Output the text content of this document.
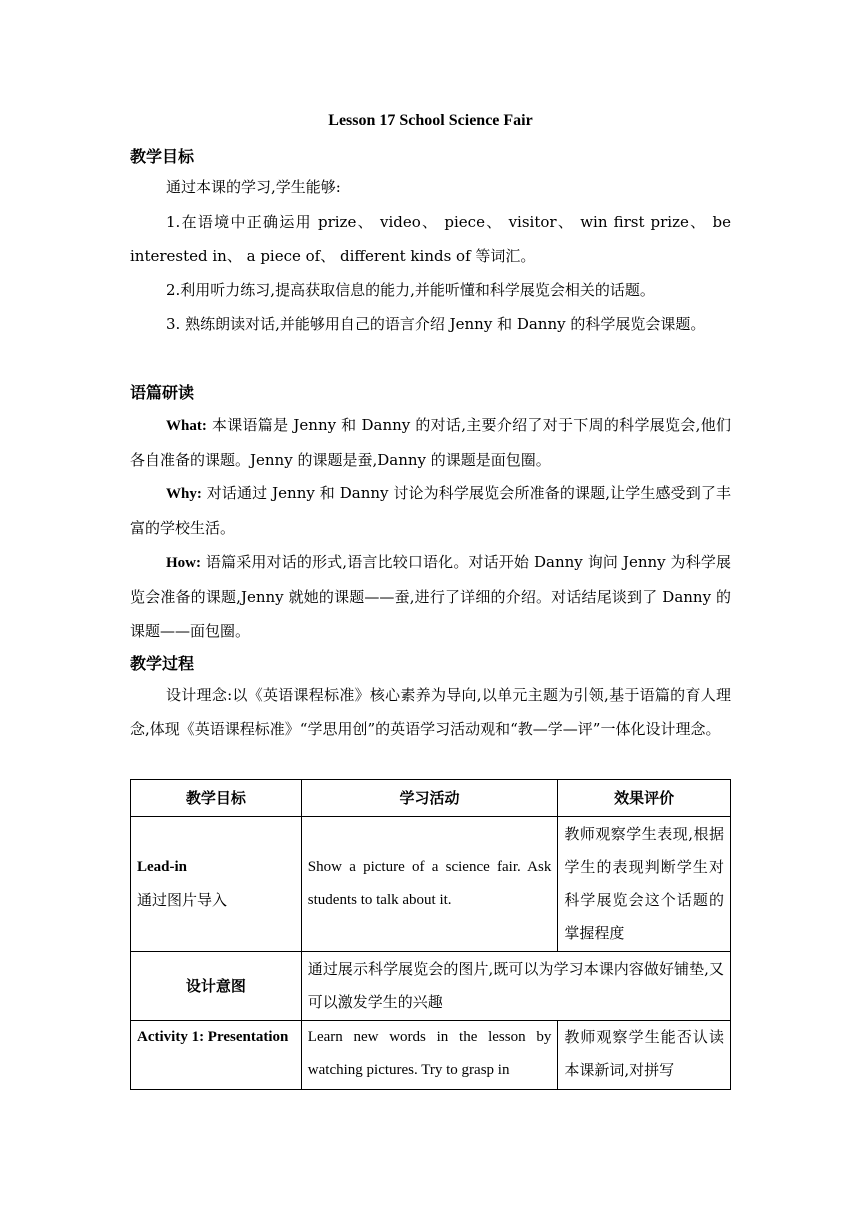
Lesson 17 School Science Fair
教学目标
通过本课的学习,学生能够:
1.在语境中正确运用 prize、 video、 piece、 visitor、 win first prize、 be interested in、 a piece of、 different kinds of 等词汇。
2.利用听力练习,提高获取信息的能力,并能听懂和科学展览会相关的话题。
3. 熟练朗读对话,并能够用自己的语言介绍 Jenny 和 Danny 的科学展览会课题。
语篇研读
What: 本课语篇是 Jenny 和 Danny 的对话,主要介绍了对于下周的科学展览会,他们各自准备的课题。Jenny 的课题是蚕,Danny 的课题是面包圈。
Why: 对话通过 Jenny 和 Danny 讨论为科学展览会所准备的课题,让学生感受到了丰富的学校生活。
How: 语篇采用对话的形式,语言比较口语化。对话开始 Danny 询问 Jenny 为科学展览会准备的课题,Jenny 就她的课题——蚕,进行了详细的介绍。对话结尾谈到了 Danny 的课题——面包圈。
教学过程
设计理念:以《英语课程标准》核心素养为导向,以单元主题为引领,基于语篇的育人理念,体现《英语课程标准》“学思用创”的英语学习活动观和“教—学—评”一体化设计理念。
教学目标	学习活动	效果评价

Lead-in
通过图片导入	Show a picture of a science fair. Ask students to talk about it.	教师观察学生表现,根据学生的表现判断学生对科学展览会这个话题的掌握程度
设计意图	通过展示科学展览会的图片,既可以为学习本课内容做好铺垫,又可以激发学生的兴趣	
Activity 1: Presentation	Learn new words in the lesson by watching pictures. Try to grasp in	教师观察学生能否认读本课新词,对拼写
